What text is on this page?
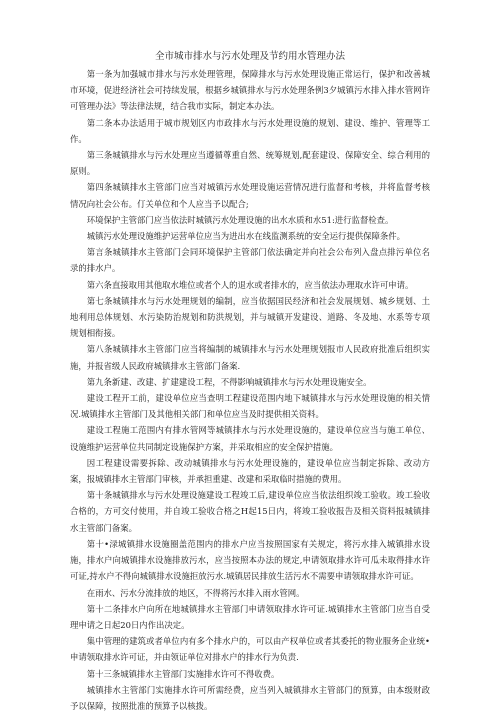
全市城市排水与污水处理及节约用水管理办法

第一条为加强城市排水与污水处理管理，保障排水与污水处理设施正常运行，保护和改善城市环境，促进经济社会可持续发展，根据乡城镇排水与污水处理条例3夕城镇污水排入排水管网许可管理办法》等法律法规，结合我市实际，制定本办法。

第二条本办法适用于城市规划区内市政排水与污水处理设施的规划、建设、维护、管理等工作。

第三条城镇排水与污水处理应当遵循尊重自然、统筹规划,配套建设、保障安全、综合利用的原则。

第四条城镇排水主管部门应当对城镇污水处理设施运营情况进行监督和考核，并将监督考核情况向社会公布。仃关单位和个人应当予以配合;

环境保护主管部门应当依法时城镇污水处理设施的出水水质和水51:进行监督检查。

城镇污水处理设施维护运营单位应当为进出水在线监测系统的安全运行提供保障条件。

第言条城镇排水主管部门会同环境保护主管部门依法确定并向社会公布列入盘点排污单位名录的排水户。

第六条直接取用其他取水堆位或者个人的退水或者排水的，应当依法办理取水许可申请。

第七条城镇排水与污水处理规划的编制，应当依据国民经济和社会发展规划、城乡规划、土地利用总体规划、水污染防治规划和防洪规划，并与城镇开发建设、道路、冬及地、水系等专项规划相衔接。

第八条城镇排水主管部门应当将编制的城镇排水与污水处理规划报市人民政府批准后组织实施，并报省级人民政府城镇排水主管部门备案.

第九条新建、改建、扩建建设工程，不得影响城镇排水与污水处理设施安全。

建设工程开工前，建设单位应当查明工程建设范围内地下城镇排水与污水处理设施的相关情况.城镇排水主管部门及其他相关部门和单位应当及时提供相关资料。

建设工程施工范围内有排水管网等城镇排水与污水处理设施的，建设单位应当与施工单位、设施维护运营单位共同制定设施保护方案，并采取相应的安全保护措施。

因工程建设需要拆除、改动城镇排水与污水处理设施的，建设单位应当制定拆除、改动方案，报城镇排水主管部门审核，并承担重建、改建和采取临时措施的费用。

第十条城镇排水与污水处理设施建设工程竣工后,建设单位应当依法组织竣工验收。竣工验收合格的，方可交付使用，并自竣工验收合格之H起15日内，将竣工验收报告及相关资料报城镇排水主管部门备案。

第十•渌城镇排水设施圈盖范围内的排水户应当按照国家有关规定，将污水排入城镇排水设施，排水户向城镇排水设施排放污水，应当按照本办法的规定,申请领取排水许可瓜未取得排水许可证,持水户不得向城镇排水设施拒放污水.城镇居民排放生活污水不需要申请领取排水许可证。

在雨水、污水分流排放的地区，不得将污水排入雨水管网。

第十二条排水户向所在地城镇排水主管部门申请领取排水许可证.城镇排水主管部门应当自受理申请之日起20日内作出决定。

集中管理的建筑或者单位内有多个排水户的，可以由产权单位或者其委托的物业服务企业统•申请领取排水许可证，并由领证单位对排水户的排水行为负责.

第十三条城镇排水主管部门实施排水许可不得收费。

城镇排水主管部门实施排水许可所需经费，应当列入城镇排水主管部门的预算，由本级财政予以保障，按照批准的预算予以核拨。
